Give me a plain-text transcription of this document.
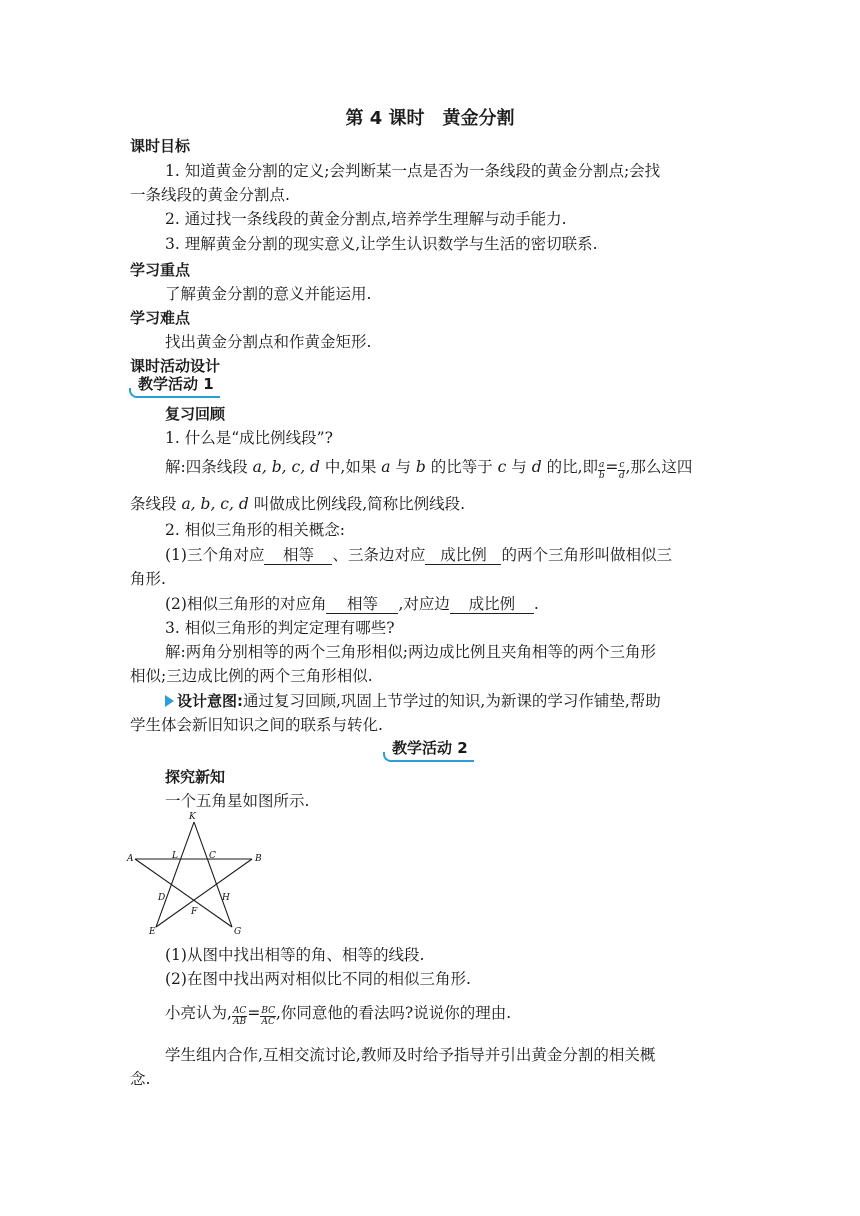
第 4 课时　黄金分割
课时目标
1. 知道黄金分割的定义;会判断某一点是否为一条线段的黄金分割点;会找
一条线段的黄金分割点.
2. 通过找一条线段的黄金分割点,培养学生理解与动手能力.
3. 理解黄金分割的现实意义,让学生认识数学与生活的密切联系.
学习重点
了解黄金分割的意义并能运用.
学习难点
找出黄金分割点和作黄金矩形.
课时活动设计
教学活动 1
复习回顾
1. 什么是“成比例线段”?
解:四条线段 a, b, c, d 中,如果 a 与 b 的比等于 c 与 d 的比,即 $\frac{a}{b} = \frac{c}{d}$ ,那么这四
条线段 a, b, c, d 叫做成比例线段,简称比例线段.
2. 相似三角形的相关概念:
(1)三个角对应 相等 、三条边对应 成比例 的两个三角形叫做相似三
角形.
(2)相似三角形的对应角 相等 ,对应边 成比例 .
3. 相似三角形的判定定理有哪些?
解:两角分别相等的两个三角形相似;两边成比例且夹角相等的两个三角形
相似;三边成比例的两个三角形相似.
设计意图:通过复习回顾,巩固上节学过的知识,为新课的学习作铺垫,帮助
学生体会新旧知识之间的联系与转化.
教学活动 2
探究新知
一个五角星如图所示.
K
A	L	C	B
D	H
F
E	G
(1)从图中找出相等的角、相等的线段.
(2)在图中找出两对相似比不同的相似三角形.
小亮认为, $\frac{AC}{AB} = \frac{BC}{AC}$ ,你同意他的看法吗?说说你的理由.
学生组内合作,互相交流讨论,教师及时给予指导并引出黄金分割的相关概
念.
